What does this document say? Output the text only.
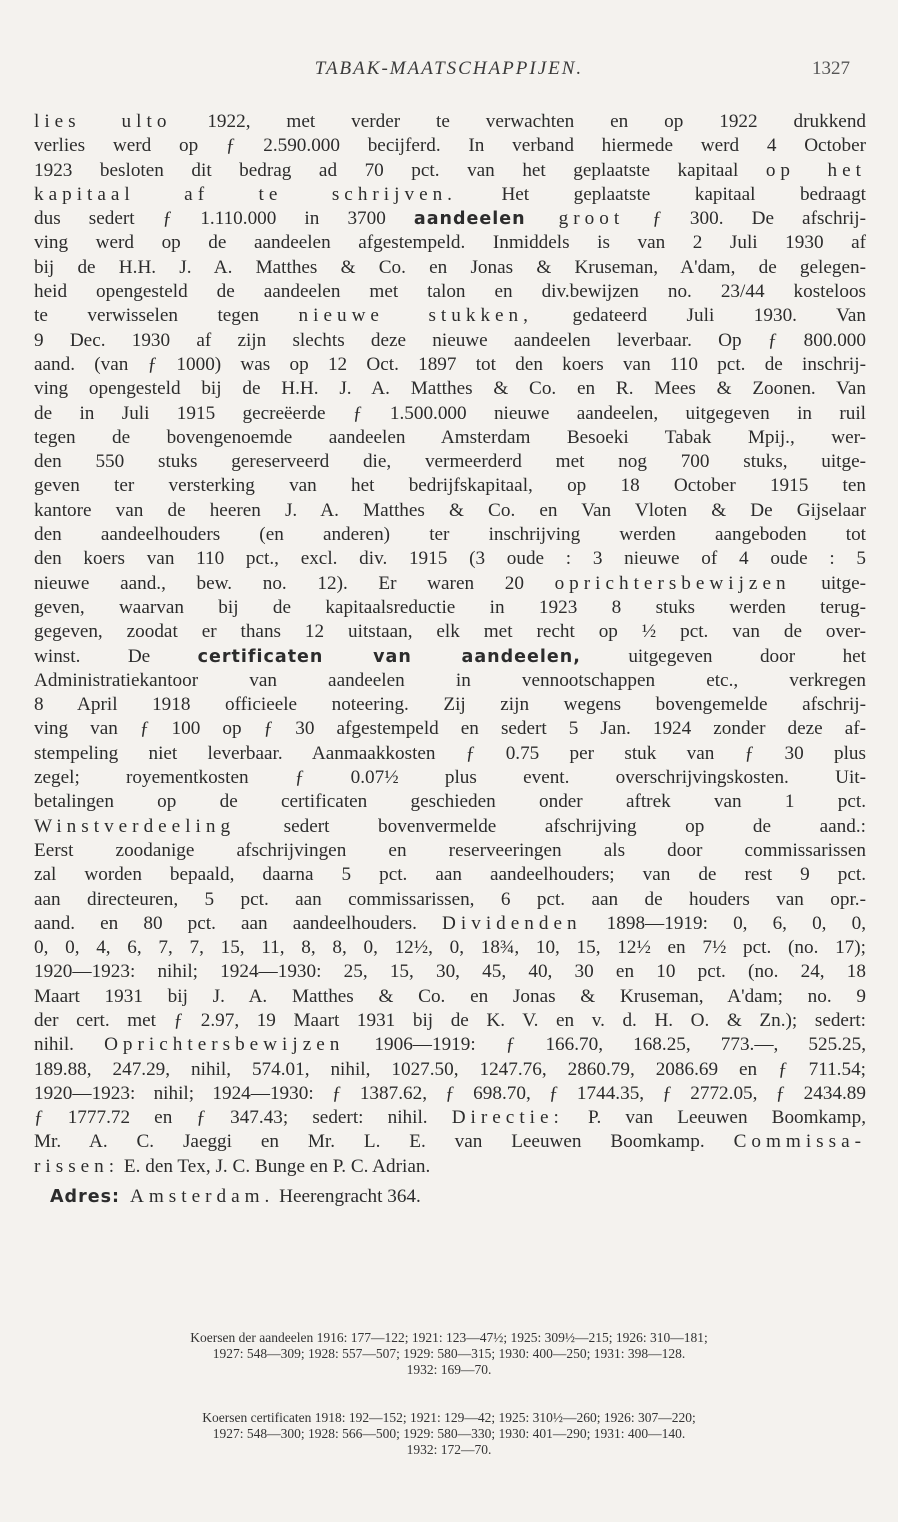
TABAK-MAATSCHAPPIJEN.	1327
lies ulto 1922, met verder te verwachten en op 1922 drukkend
verlies werd op ƒ 2.590.000 becijferd. In verband hiermede werd 4 October
1923 besloten dit bedrag ad 70 pct. van het geplaatste kapitaal op het
kapitaal af te schrijven. Het geplaatste kapitaal bedraagt
dus sedert ƒ 1.110.000 in 3700 aandeelen groot ƒ 300. De afschrij-
ving werd op de aandeelen afgestempeld. Inmiddels is van 2 Juli 1930 af
bij de H.H. J. A. Matthes & Co. en Jonas & Kruseman, A'dam, de gelegen-
heid opengesteld de aandeelen met talon en div.bewijzen no. 23/44 kosteloos
te verwisselen tegen nieuwe stukken, gedateerd Juli 1930. Van
9 Dec. 1930 af zijn slechts deze nieuwe aandeelen leverbaar. Op ƒ 800.000
aand. (van ƒ 1000) was op 12 Oct. 1897 tot den koers van 110 pct. de inschrij-
ving opengesteld bij de H.H. J. A. Matthes & Co. en R. Mees & Zoonen. Van
de in Juli 1915 gecreëerde ƒ 1.500.000 nieuwe aandeelen, uitgegeven in ruil
tegen de bovengenoemde aandeelen Amsterdam Besoeki Tabak Mpij., wer-
den 550 stuks gereserveerd die, vermeerderd met nog 700 stuks, uitge-
geven ter versterking van het bedrijfskapitaal, op 18 October 1915 ten
kantore van de heeren J. A. Matthes & Co. en Van Vloten & De Gijselaar
den aandeelhouders (en anderen) ter inschrijving werden aangeboden tot
den koers van 110 pct., excl. div. 1915 (3 oude : 3 nieuwe of 4 oude : 5
nieuwe aand., bew. no. 12). Er waren 20 oprichtersbewijzen uitge-
geven, waarvan bij de kapitaalsreductie in 1923 8 stuks werden terug-
gegeven, zoodat er thans 12 uitstaan, elk met recht op ½ pct. van de over-
winst. De certificaten van aandeelen, uitgegeven door het
Administratiekantoor van aandeelen in vennootschappen etc., verkregen
8 April 1918 officieele noteering. Zij zijn wegens bovengemelde afschrij-
ving van ƒ 100 op ƒ 30 afgestempeld en sedert 5 Jan. 1924 zonder deze af-
stempeling niet leverbaar. Aanmaakkosten ƒ 0.75 per stuk van ƒ 30 plus
zegel; royementkosten ƒ 0.07½ plus event. overschrijvingskosten. Uit-
betalingen op de certificaten geschieden onder aftrek van 1 pct.
Winstverdeeling sedert bovenvermelde afschrijving op de aand.:
Eerst zoodanige afschrijvingen en reserveeringen als door commissarissen
zal worden bepaald, daarna 5 pct. aan aandeelhouders; van de rest 9 pct.
aan directeuren, 5 pct. aan commissarissen, 6 pct. aan de houders van opr.-
aand. en 80 pct. aan aandeelhouders. Dividenden 1898—1919: 0, 6, 0, 0,
0, 0, 4, 6, 7, 7, 15, 11, 8, 8, 0, 12½, 0, 18¾, 10, 15, 12½ en 7½ pct. (no. 17);
1920—1923: nihil; 1924—1930: 25, 15, 30, 45, 40, 30 en 10 pct. (no. 24, 18
Maart 1931 bij J. A. Matthes & Co. en Jonas & Kruseman, A'dam; no. 9
der cert. met ƒ 2.97, 19 Maart 1931 bij de K. V. en v. d. H. O. & Zn.); sedert:
nihil. Oprichtersbewijzen 1906—1919: ƒ 166.70, 168.25, 773.—, 525.25,
189.88, 247.29, nihil, 574.01, nihil, 1027.50, 1247.76, 2860.79, 2086.69 en ƒ 711.54;
1920—1923: nihil; 1924—1930: ƒ 1387.62, ƒ 698.70, ƒ 1744.35, ƒ 2772.05, ƒ 2434.89
ƒ 1777.72 en ƒ 347.43; sedert: nihil. Directie: P. van Leeuwen Boomkamp,
Mr. A. C. Jaeggi en Mr. L. E. van Leeuwen Boomkamp. Commissa-
rissen: E. den Tex, J. C. Bunge en P. C. Adrian.
Adres: Amsterdam. Heerengracht 364.
Koersen der aandeelen 1916: 177—122; 1921: 123—47½; 1925: 309½—215; 1926: 310—181;
1927: 548—309; 1928: 557—507; 1929: 580—315; 1930: 400—250; 1931: 398—128.
1932: 169—70.
Koersen certificaten 1918: 192—152; 1921: 129—42; 1925: 310½—260; 1926: 307—220;
1927: 548—300; 1928: 566—500; 1929: 580—330; 1930: 401—290; 1931: 400—140.
1932: 172—70.
